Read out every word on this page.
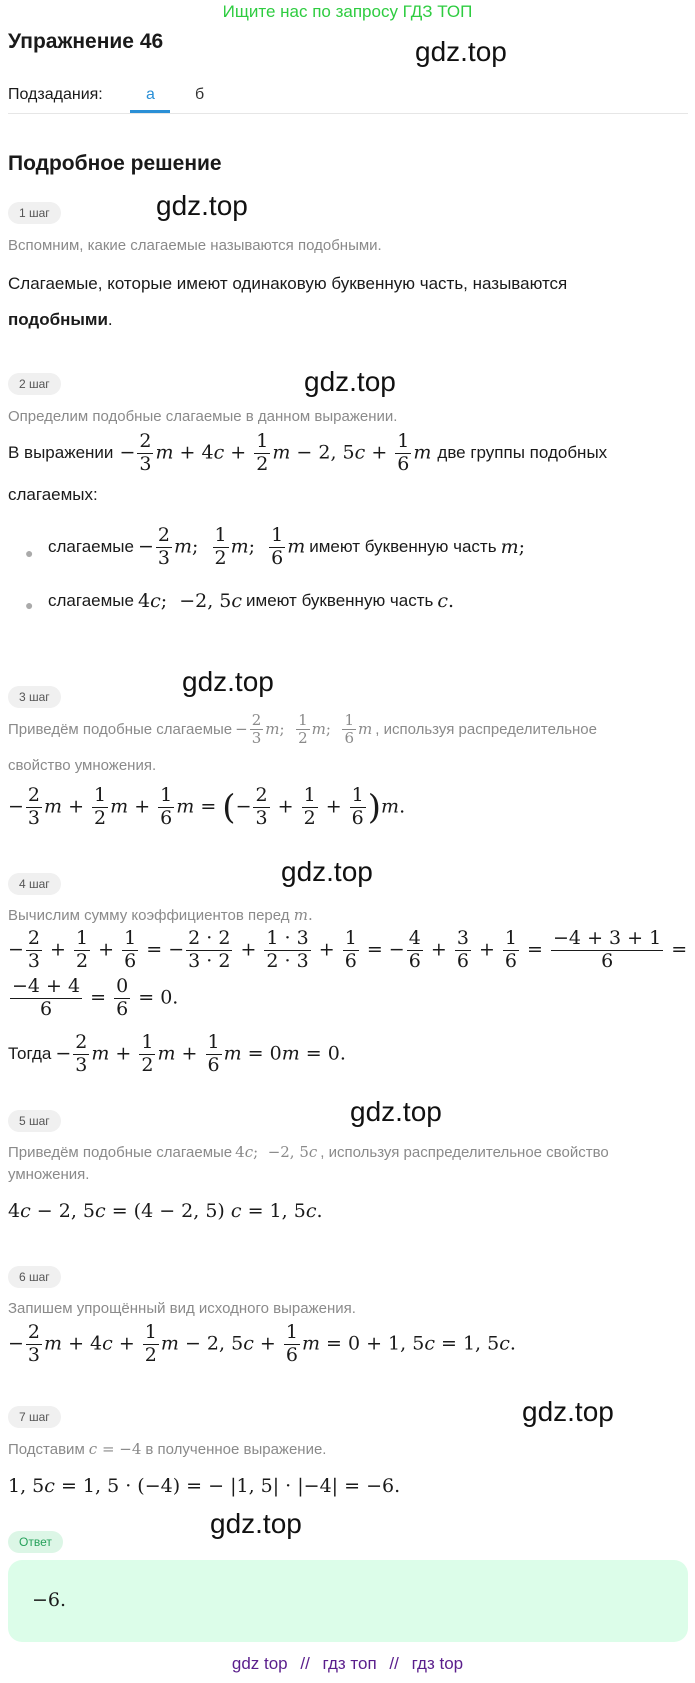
Ищите нас по запросу ГДЗ ТОП
Упражнение 46	gdz.top
Подзадания:	а	б
Подробное решение
1 шаг	gdz.top
Вспомним, какие слагаемые называются подобными.
Слагаемые, которые имеют одинаковую буквенную часть, называются
подобными.
2 шаг	gdz.top
Определим подобные слагаемые в данном выражении.
В выражении − $\frac{2}{3}$ $m + 4c + \frac{1}{2}$ m − 2, $5c + \frac{1}{6}$ m две группы подобных
слагаемых:
● слагаемые − $\frac{2}{3} m$; $\frac{1}{2} m$; $\frac{1}{6}$ m имеют буквенную часть m;
● слагаемые 4c;  −2, 5c имеют буквенную часть c.
3 шаг	gdz.top
Приведём подобные слагаемые − $\frac{2}{3} m$; $\frac{1}{2} m$; $\frac{1}{6}$ m , используя распределительное
свойство умножения.
− $\frac{2}{3}$ $m + \frac{1}{2}$ $m + \frac{1}{6}$ m = (− $\frac{2}{3} + \frac{1}{2} + \frac{1}{6} )m$.
4 шаг	gdz.top
Вычислим сумму коэффициентов перед m.
− $\frac{2}{3} + \frac{1}{2} + \frac{1}{6}$ = − $\frac{2 \cdot 2}{3 \cdot 2} + \frac{1 \cdot 3}{2 \cdot 3} + \frac{1}{6}$ = − $\frac{4}{6} + \frac{3}{6} + \frac{1}{6} = \frac{-4 + 3 + 1}{6}$ =
$\frac{-4 + 4}{6} = \frac{0}{6} = 0$.
Тогда − $\frac{2}{3}$ $m + \frac{1}{2}$ $m + \frac{1}{6}$ m = 0m = 0.
5 шаг	gdz.top
Приведём подобные слагаемые 4c;  −2, 5c , используя распределительное свойство
умножения.
4c − 2, 5c = (4 − 2, 5) c = 1, 5c.
6 шаг
Запишем упрощённый вид исходного выражения.
− $\frac{2}{3}$ $m + 4c + \frac{1}{2}$ m − 2, $5c + \frac{1}{6}$ m = 0 + 1, 5c = 1, 5c.
7 шаг	gdz.top
Подставим c = −4 в полученное выражение.
1, 5c = 1, 5 · (−4) = − |1, 5| · |−4| = −6.
gdz.top
Ответ
−6.
gdz top // гдз топ // гдз top
